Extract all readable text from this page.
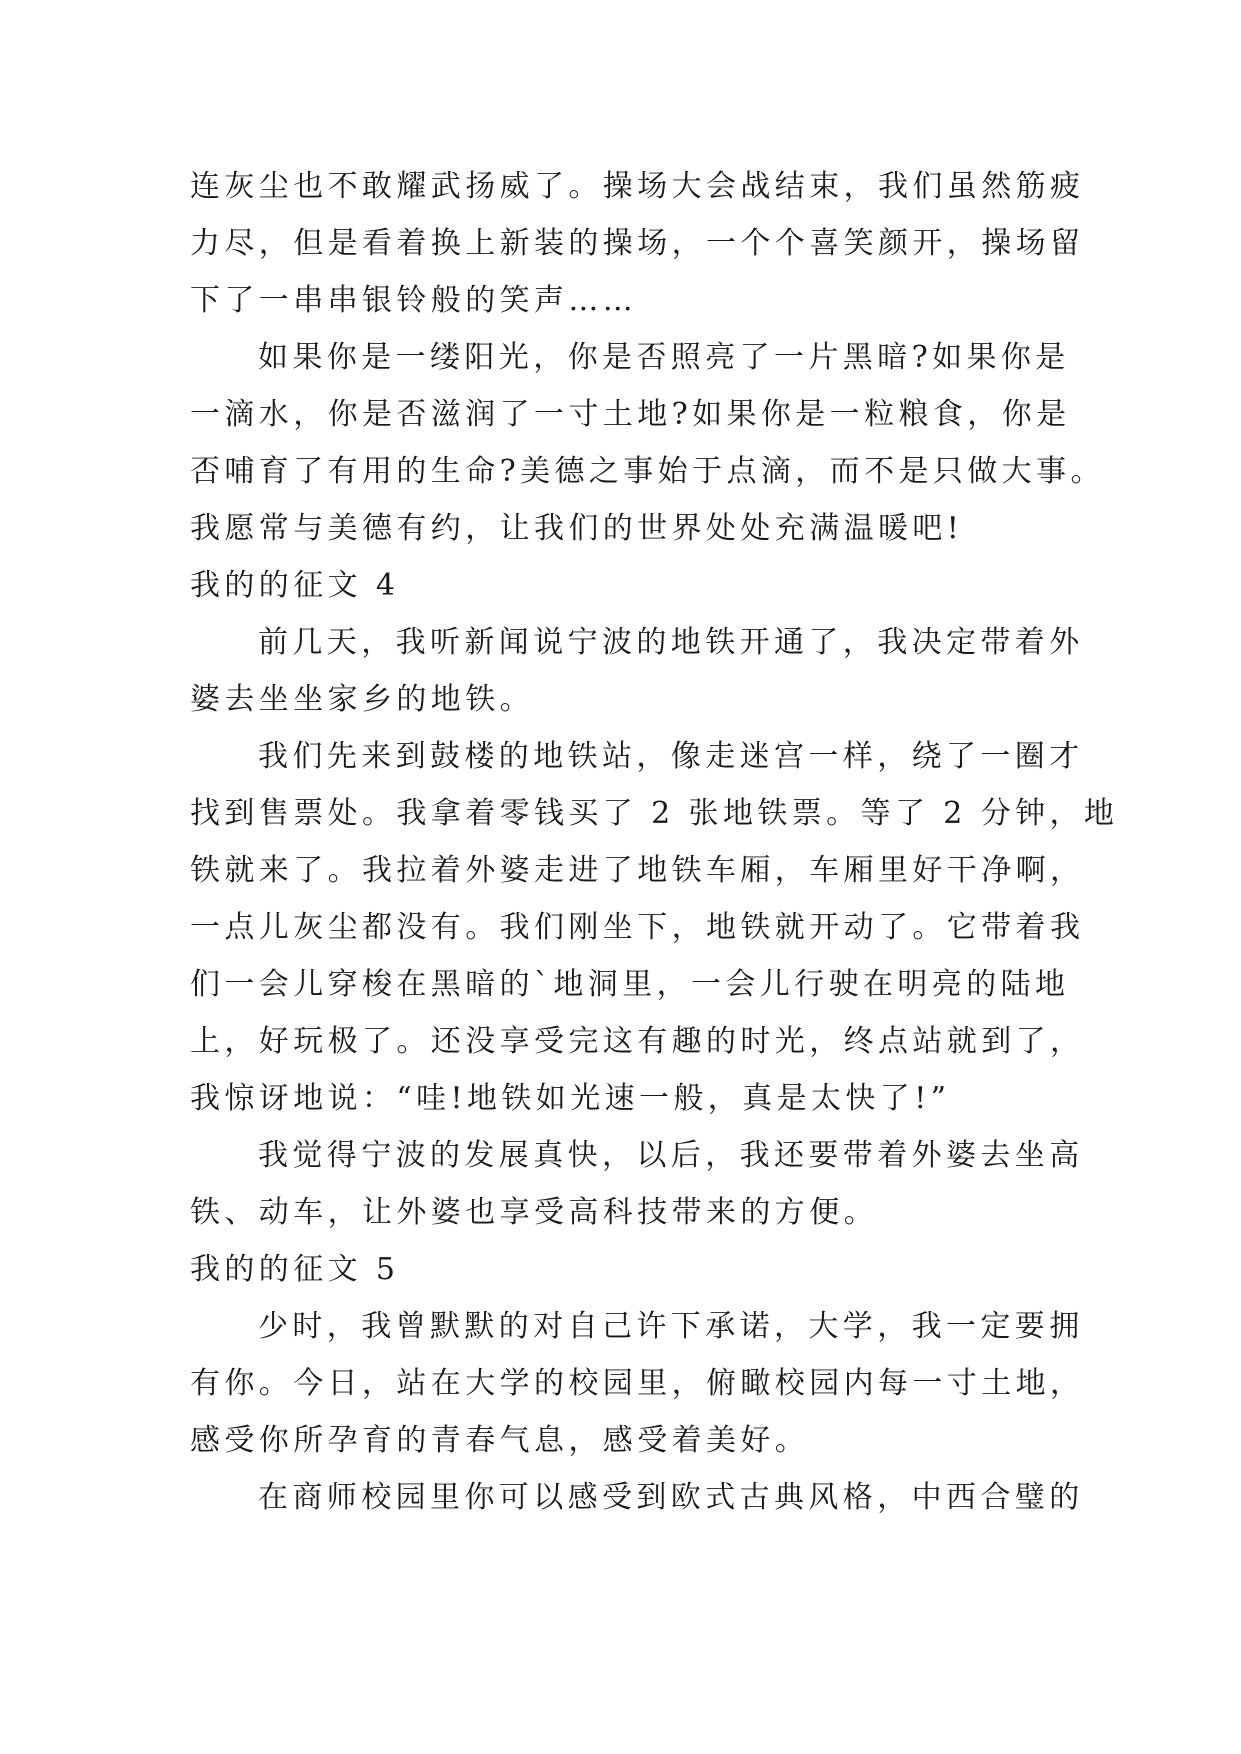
连灰尘也不敢耀武扬威了。操场大会战结束，我们虽然筋疲
力尽，但是看着换上新装的操场，一个个喜笑颜开，操场留
下了一串串银铃般的笑声……
如果你是一缕阳光，你是否照亮了一片黑暗?如果你是
一滴水，你是否滋润了一寸土地?如果你是一粒粮食，你是
否哺育了有用的生命?美德之事始于点滴，而不是只做大事。
我愿常与美德有约，让我们的世界处处充满温暖吧!
我的的征文 4
前几天，我听新闻说宁波的地铁开通了，我决定带着外
婆去坐坐家乡的地铁。
我们先来到鼓楼的地铁站，像走迷宫一样，绕了一圈才
找到售票处。我拿着零钱买了 2 张地铁票。等了 2 分钟，地
铁就来了。我拉着外婆走进了地铁车厢，车厢里好干净啊，
一点儿灰尘都没有。我们刚坐下，地铁就开动了。它带着我
们一会儿穿梭在黑暗的`地洞里，一会儿行驶在明亮的陆地
上，好玩极了。还没享受完这有趣的时光，终点站就到了，
我惊讶地说：“哇!地铁如光速一般，真是太快了!”
我觉得宁波的发展真快，以后，我还要带着外婆去坐高
铁、动车，让外婆也享受高科技带来的方便。
我的的征文 5
少时，我曾默默的对自己许下承诺，大学，我一定要拥
有你。今日，站在大学的校园里，俯瞰校园内每一寸土地，
感受你所孕育的青春气息，感受着美好。
在商师校园里你可以感受到欧式古典风格，中西合璧的
